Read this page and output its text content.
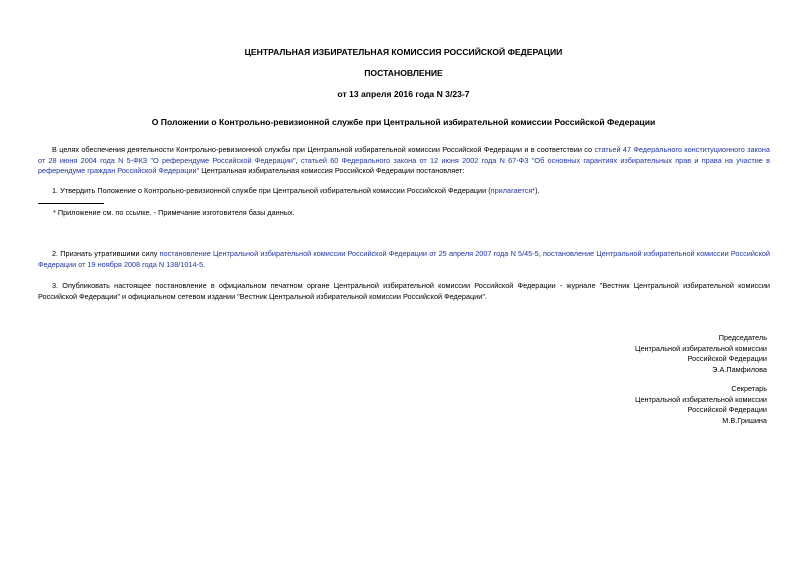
ЦЕНТРАЛЬНАЯ ИЗБИРАТЕЛЬНАЯ КОМИССИЯ РОССИЙСКОЙ ФЕДЕРАЦИИ
ПОСТАНОВЛЕНИЕ
от 13 апреля 2016 года N 3/23-7
О Положении о Контрольно-ревизионной службе при Центральной избирательной комиссии Российской Федерации
В целях обеспечения деятельности Контрольно-ревизионной службы при Центральной избирательной комиссии Российской Федерации и в соответствии со статьей 47 Федерального конституционного закона от 28 июня 2004 года N 5-ФКЗ "О референдуме Российской Федерации", статьей 60 Федерального закона от 12 июня 2002 года N 67-ФЗ "Об основных гарантиях избирательных прав и права на участие в референдуме граждан Российской Федерации" Центральная избирательная комиссия Российской Федерации постановляет:
1. Утвердить Положение о Контрольно-ревизионной службе при Центральной избирательной комиссии Российской Федерации (прилагается*).
* Приложение см. по ссылке. - Примечание изготовителя базы данных.
2. Признать утратившими силу постановление Центральной избирательной комиссии Российской Федерации от 25 апреля 2007 года N 5/45-5, постановление Центральной избирательной комиссии Российской Федерации от 19 ноября 2008 года N 138/1014-5.
3. Опубликовать настоящее постановление в официальном печатном органе Центральной избирательной комиссии Российской Федерации - журнале "Вестник Центральной избирательной комиссии Российской Федерации" и официальном сетевом издании "Вестник Центральной избирательной комиссии Российской Федерации".
Председатель
Центральной избирательной комиссии
Российской Федерации
Э.А.Памфилова
Секретарь
Центральной избирательной комиссии
Российской Федерации
М.В.Гришина
